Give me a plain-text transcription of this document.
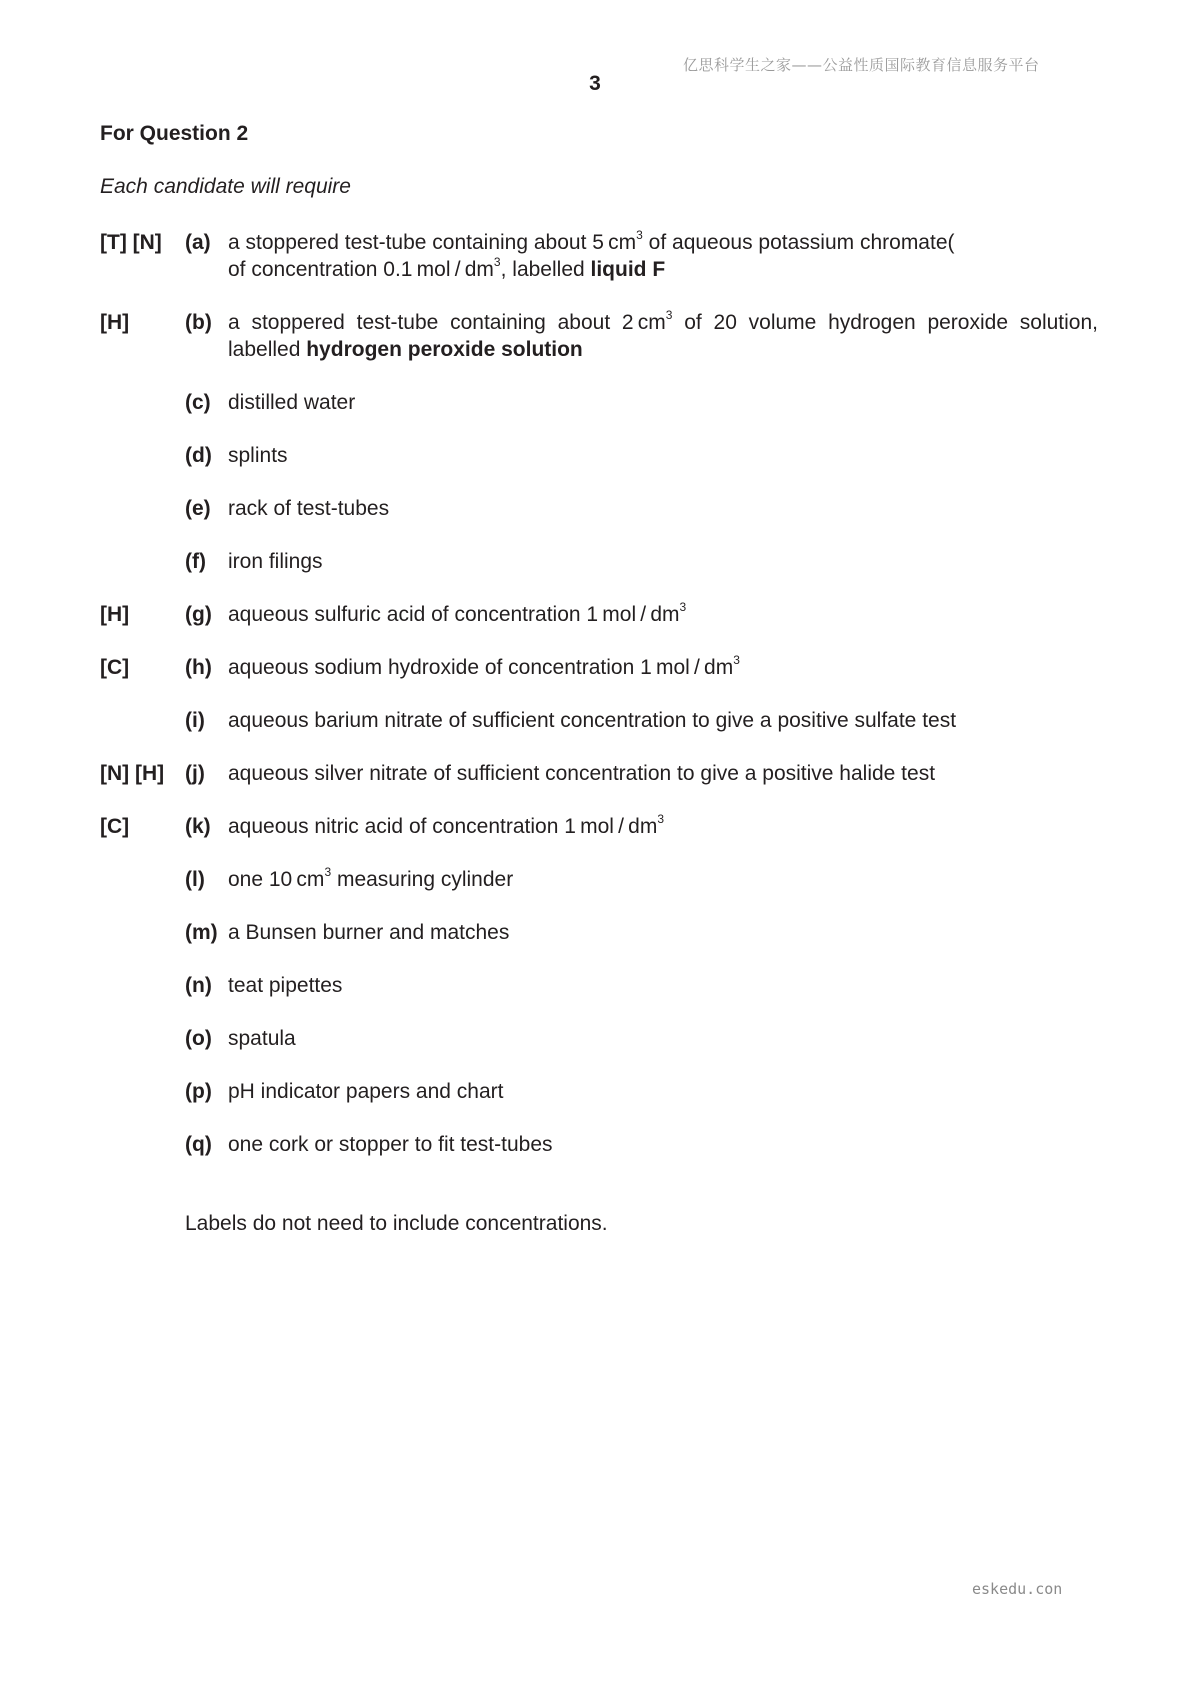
亿思科学生之家——公益性质国际教育信息服务平台
3
For Question 2
Each candidate will require
[T] [N] (a) a stoppered test-tube containing about 5 $cm^3$ of aqueous potassium chromate(
of concentration 0.1 mol / $dm^3$, labelled liquid F
[H]	(b) a stoppered test-tube containing about 2 $cm^3$ of 20 volume hydrogen peroxide solution,
labelled hydrogen peroxide solution
(c) distilled water
(d) splints
(e) rack of test-tubes
(f) iron filings
[H]	(g) aqueous sulfuric acid of concentration 1 mol / $dm^3$
[C]	(h) aqueous sodium hydroxide of concentration 1 mol / $dm^3$
(i) aqueous barium nitrate of sufficient concentration to give a positive sulfate test
[N] [H] (j) aqueous silver nitrate of sufficient concentration to give a positive halide test
[C]	(k) aqueous nitric acid of concentration 1 mol / $dm^3$
(l) one 10 $cm^3$ measuring cylinder
(m) a Bunsen burner and matches
(n) teat pipettes
(o) spatula
(p) pH indicator papers and chart
(q) one cork or stopper to fit test-tubes
Labels do not need to include concentrations.
eskedu.con
